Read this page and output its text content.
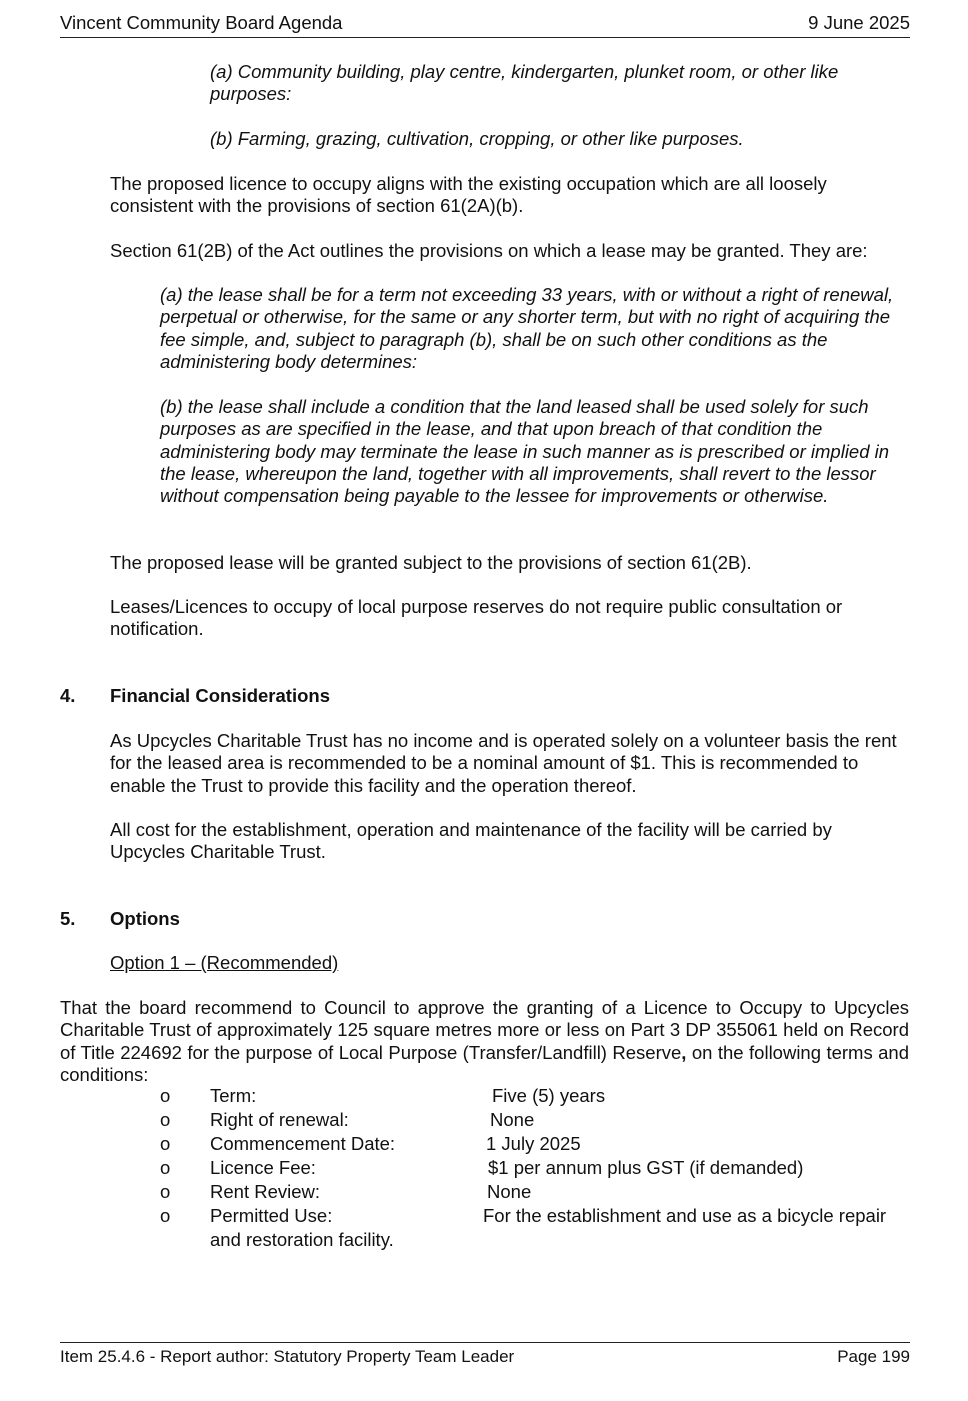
Vincent Community Board Agenda	9 June 2025

(a) Community building, play centre, kindergarten, plunket room, or other like purposes:

(b) Farming, grazing, cultivation, cropping, or other like purposes.

The proposed licence to occupy aligns with the existing occupation which are all loosely consistent with the provisions of section 61(2A)(b).

Section 61(2B) of the Act outlines the provisions on which a lease may be granted. They are:

(a) the lease shall be for a term not exceeding 33 years, with or without a right of renewal, perpetual or otherwise, for the same or any shorter term, but with no right of acquiring the fee simple, and, subject to paragraph (b), shall be on such other conditions as the administering body determines:

(b) the lease shall include a condition that the land leased shall be used solely for such purposes as are specified in the lease, and that upon breach of that condition the administering body may terminate the lease in such manner as is prescribed or implied in the lease, whereupon the land, together with all improvements, shall revert to the lessor without compensation being payable to the lessee for improvements or otherwise.

The proposed lease will be granted subject to the provisions of section 61(2B).

Leases/Licences to occupy of local purpose reserves do not require public consultation or notification.

4. Financial Considerations

As Upcycles Charitable Trust has no income and is operated solely on a volunteer basis the rent for the leased area is recommended to be a nominal amount of $1. This is recommended to enable the Trust to provide this facility and the operation thereof.

All cost for the establishment, operation and maintenance of the facility will be carried by Upcycles Charitable Trust.

5. Options

Option 1 – (Recommended)

That the board recommend to Council to approve the granting of a Licence to Occupy to Upcycles Charitable Trust of approximately 125 square metres more or less on Part 3 DP 355061 held on Record of Title 224692 for the purpose of Local Purpose (Transfer/Landfill) Reserve, on the following terms and conditions:

o Term:	Five (5) years
o Right of renewal:	None
o Commencement Date:	1 July 2025
o Licence Fee:	$1 per annum plus GST (if demanded)
o Rent Review:	None
o Permitted Use:	For the establishment and use as a bicycle repair
and restoration facility.
Item 25.4.6 - Report author: Statutory Property Team Leader	Page 199
